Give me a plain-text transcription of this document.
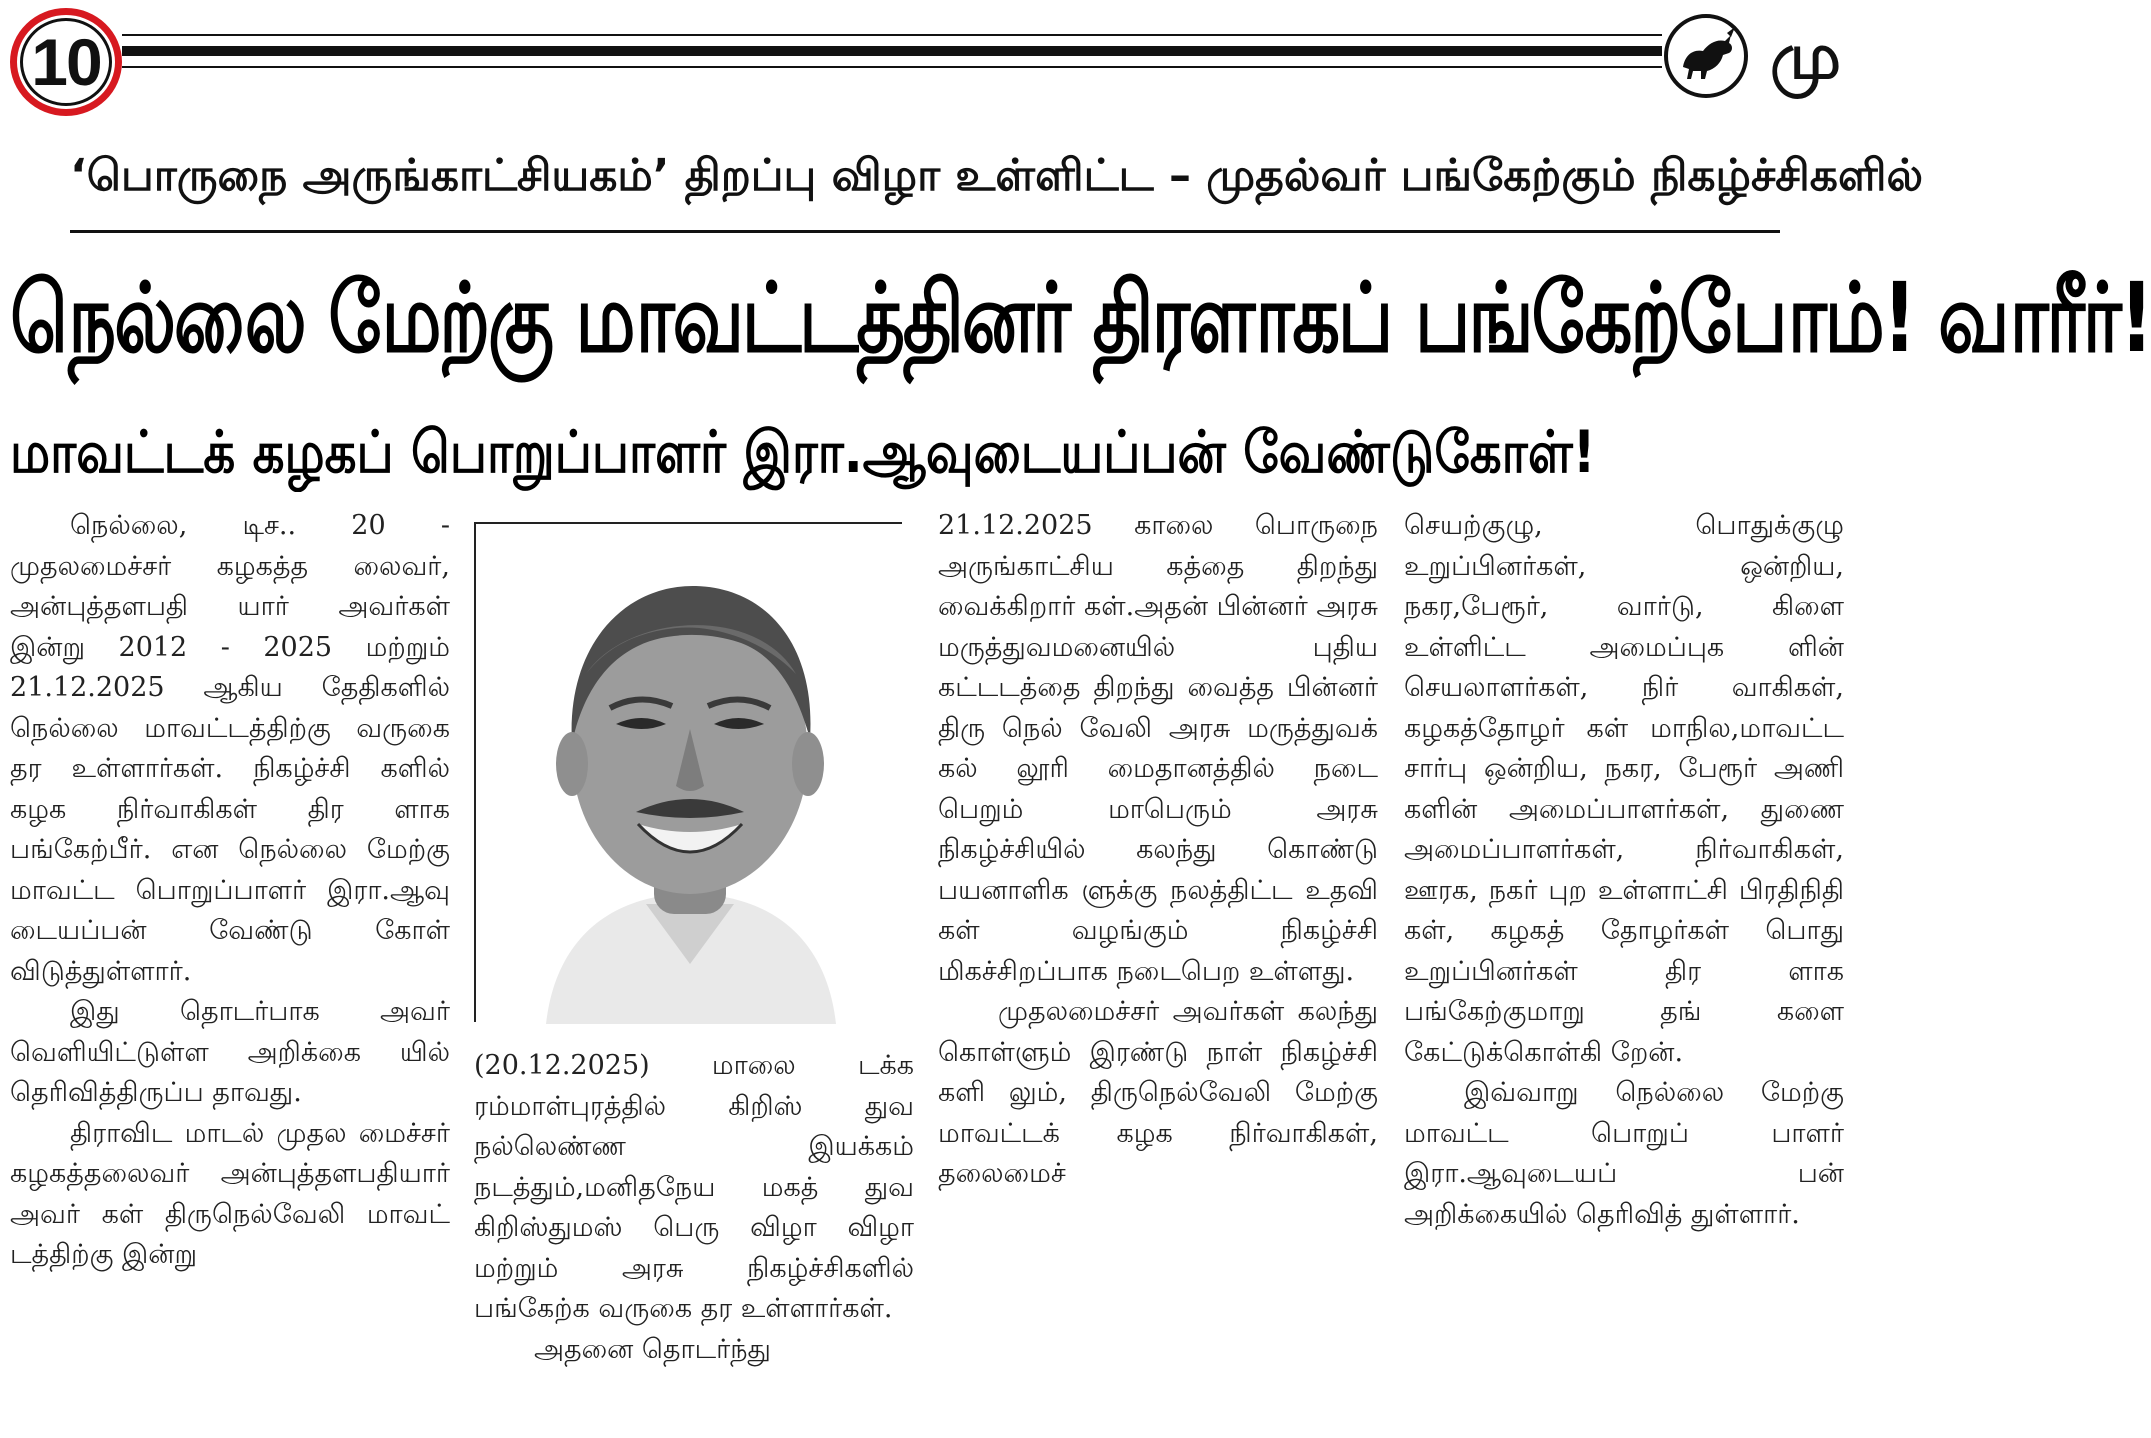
10	மு
‘பொருநை அருங்காட்சியகம்’ திறப்பு விழா உள்ளிட்ட – முதல்வர் பங்கேற்கும் நிகழ்ச்சிகளில்
நெல்லை மேற்கு மாவட்டத்தினர் திரளாகப் பங்கேற்போம்! வாரீர்!
மாவட்டக் கழகப் பொறுப்பாளர் இரா.ஆவுடையப்பன் வேண்டுகோள்!

நெல்லை, டிச.. 20 - முதலமைச்சர் கழகத்த லைவர், அன்புத்தளபதி யார் அவர்கள் இன்று 2012 - 2025 மற்றும் 21.12.2025 ஆகிய தேதிகளில் நெல்லை மாவட்டத்திற்கு வருகை தர உள்ளார்கள். நிகழ்ச்சி களில் கழக நிர்வாகிகள் திர ளாக பங்கேற்பீர். என நெல்லை மேற்கு மாவட்ட பொறுப்பாளர் இரா.ஆவு டையப்பன் வேண்டு கோள் விடுத்துள்ளார்.

இது தொடர்பாக அவர் வெளியிட்டுள்ள அறிக்கை யில் தெரிவித்திருப்ப தாவது.

திராவிட மாடல் முதல மைச்சர் கழகத்தலைவர் அன்புத்தளபதியார் அவர் கள் திருநெல்வேலி மாவட் டத்திற்கு இன்று

(20.12.2025) மாலை டக்க ரம்மாள்புரத்தில் கிறிஸ் துவ நல்லெண்ண இயக்கம் நடத்தும்,மனிதநேய மகத் துவ கிறிஸ்துமஸ் பெரு விழா விழா மற்றும் அரசு நிகழ்ச்சிகளில் பங்கேற்க வருகை தர உள்ளார்கள்.

அதனை தொடர்ந்து

21.12.2025 காலை பொருநை அருங்காட்சிய கத்தை திறந்து வைக்கிறார் கள்.அதன் பின்னர் அரசு மருத்துவமனையில் புதிய கட்டடத்தை திறந்து வைத்த பின்னர் திரு நெல் வேலி அரசு மருத்துவக் கல் லூரி மைதானத்தில் நடை பெறும் மாபெரும் அரசு நிகழ்ச்சியில் கலந்து கொண்டு பயனாளிக ளுக்கு நலத்திட்ட உதவி கள் வழங்கும் நிகழ்ச்சி மிகச்சிறப்பாக நடைபெற உள்ளது.

முதலமைச்சர் அவர்கள் கலந்து கொள்ளும் இரண்டு நாள் நிகழ்ச்சி களி லும், திருநெல்வேலி மேற்கு மாவட்டக் கழக நிர்வாகிகள், தலைமைச்

செயற்குழு, பொதுக்குழு உறுப்பினர்கள், ஒன்றிய, நகர,பேரூர், வார்டு, கிளை உள்ளிட்ட அமைப்புக ளின் செயலாளர்கள், நிர் வாகிகள், கழகத்தோழர் கள் மாநில,மாவட்ட சார்பு ஒன்றிய, நகர, பேரூர் அணி களின் அமைப்பாளர்கள், துணை அமைப்பாளர்கள், நிர்வாகிகள், ஊரக, நகர் புற உள்ளாட்சி பிரதிநிதி கள், கழகத் தோழர்கள் பொது உறுப்பினர்கள் திர ளாக பங்கேற்குமாறு தங் களை கேட்டுக்கொள்கி றேன்.

இவ்வாறு நெல்லை மேற்கு மாவட்ட பொறுப் பாளர் இரா.ஆவுடையப் பன் அறிக்கையில் தெரிவித் துள்ளார்.
